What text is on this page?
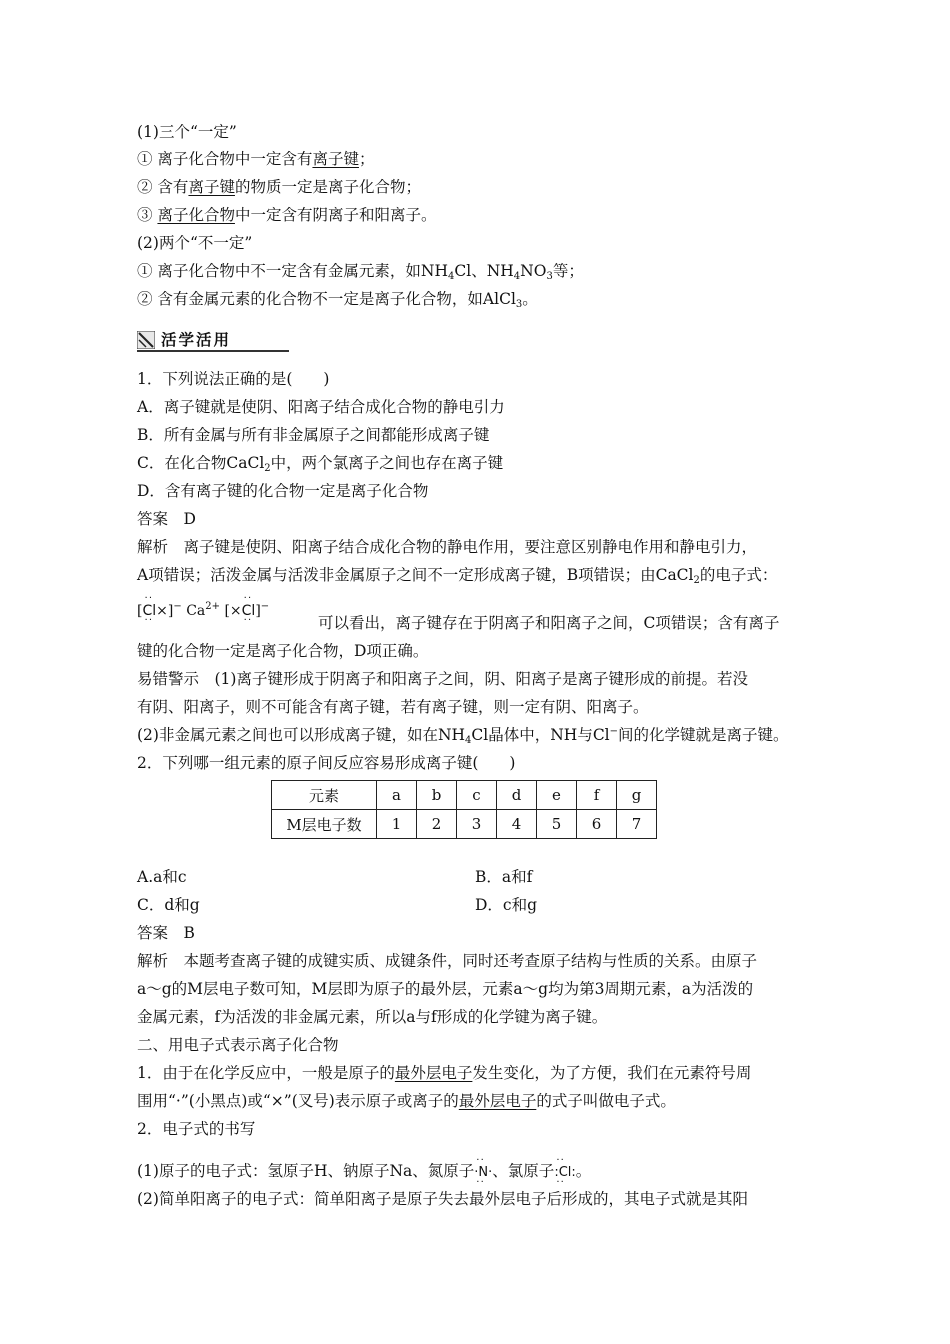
(1)三个“一定”
① 离子化合物中一定含有离子键；
② 含有离子键的物质一定是离子化合物；
③ 离子化合物中一定含有阴离子和阳离子。
(2)两个“不一定”
① 离子化合物中不一定含有金属元素，如$NH_4Cl$、$NH_4NO_3$等；
② 含有金属元素的化合物不一定是离子化合物，如AlCl$_3$。
活学活用
1．下列说法正确的是(　　)
A．离子键就是使阴、阳离子结合成化合物的静电引力
B．所有金属与所有非金属原子之间都能形成离子键
C．在化合物CaCl$_2$中，两个氯离子之间也存在离子键
D．含有离子键的化合物一定是离子化合物
答案　D
解析　离子键是使阴、阳离子结合成化合物的静电作用，要注意区别静电作用和静电引力，
A项错误；活泼金属与活泼非金属原子之间不一定形成离子键，B项错误；由CaCl$_2$的电子式：
[· · Cl · ·×]− $Ca^{2+}$ [×· · Cl · ·]−
可以看出，离子键存在于阴离子和阳离子之间，C项错误；含有离子
键的化合物一定是离子化合物，D项正确。
易错警示　(1)离子键形成于阴离子和阳离子之间，阴、阳离子是离子键形成的前提。若没
有阴、阳离子，则不可能含有离子键，若有离子键，则一定有阴、阳离子。
(2)非金属元素之间也可以形成离子键，如在$NH_4Cl$晶体中，NH与Cl−间的化学键就是离子键。
2．下列哪一组元素的原子间反应容易形成离子键(　　)
元素	a	b	c	d	e	f	g
M层电子数	1	2	3	4	5	6	7
A.a和c	B．a和f
C．d和g	D．c和g
答案　B
解析　本题考查离子键的成键实质、成键条件，同时还考查原子结构与性质的关系。由原子
a～g的M层电子数可知，M层即为原子的最外层，元素a～g均为第3周期元素，a为活泼的
金属元素，f为活泼的非金属元素，所以a与f形成的化学键为离子键。
二、用电子式表示离子化合物
1．由于在化学反应中，一般是原子的最外层电子发生变化，为了方便，我们在元素符号周
围用“·”(小黑点)或“×”(叉号)表示原子或离子的最外层电子的式子叫做电子式。
2．电子式的书写
(1)原子的电子式：氢原子H、钠原子Na、氮原子· · ·N· · ·、氯原子· · :Cl: · ·。
(2)简单阳离子的电子式：简单阳离子是原子失去最外层电子后形成的，其电子式就是其阳
